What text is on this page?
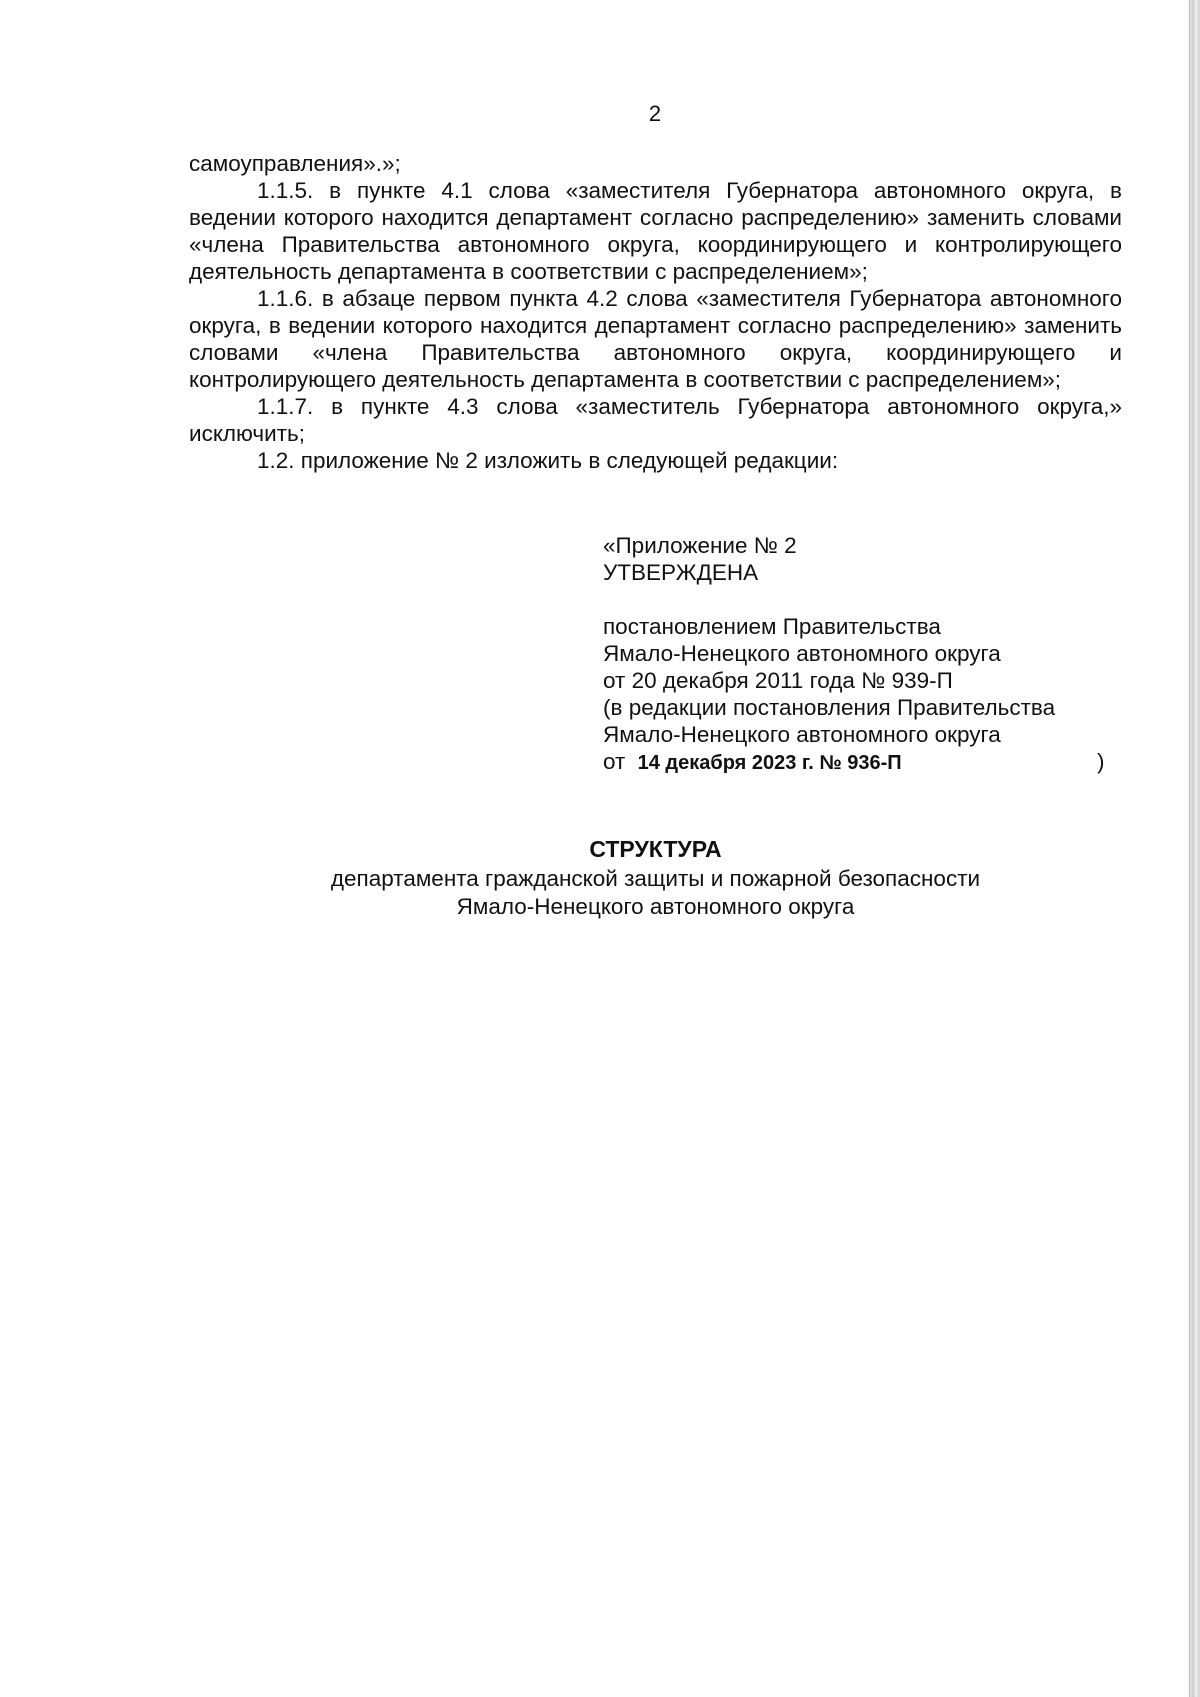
2

самоуправления».»;

1.1.5. в пункте 4.1 слова «заместителя Губернатора автономного округа, в ведении которого находится департамент согласно распределению» заменить словами «члена Правительства автономного округа, координирующего и контролирующего деятельность департамента в соответствии с распределением»;

1.1.6. в абзаце первом пункта 4.2 слова «заместителя Губернатора автономного округа, в ведении которого находится департамент согласно распределению» заменить словами «члена Правительства автономного округа, координирующего и контролирующего деятельность департамента в соответствии с распределением»;

1.1.7. в пункте 4.3 слова «заместитель Губернатора автономного округа,» исключить;

1.2. приложение № 2 изложить в следующей редакции:

«Приложение № 2
УТВЕРЖДЕНА
постановлением Правительства
Ямало-Ненецкого автономного округа
от 20 декабря 2011 года № 939-П
(в редакции постановления Правительства
Ямало-Ненецкого автономного округа
от 14 декабря 2023 г. № 936-П	)
СТРУКТУРА
департамента гражданской защиты и пожарной безопасности
Ямало-Ненецкого автономного округа
